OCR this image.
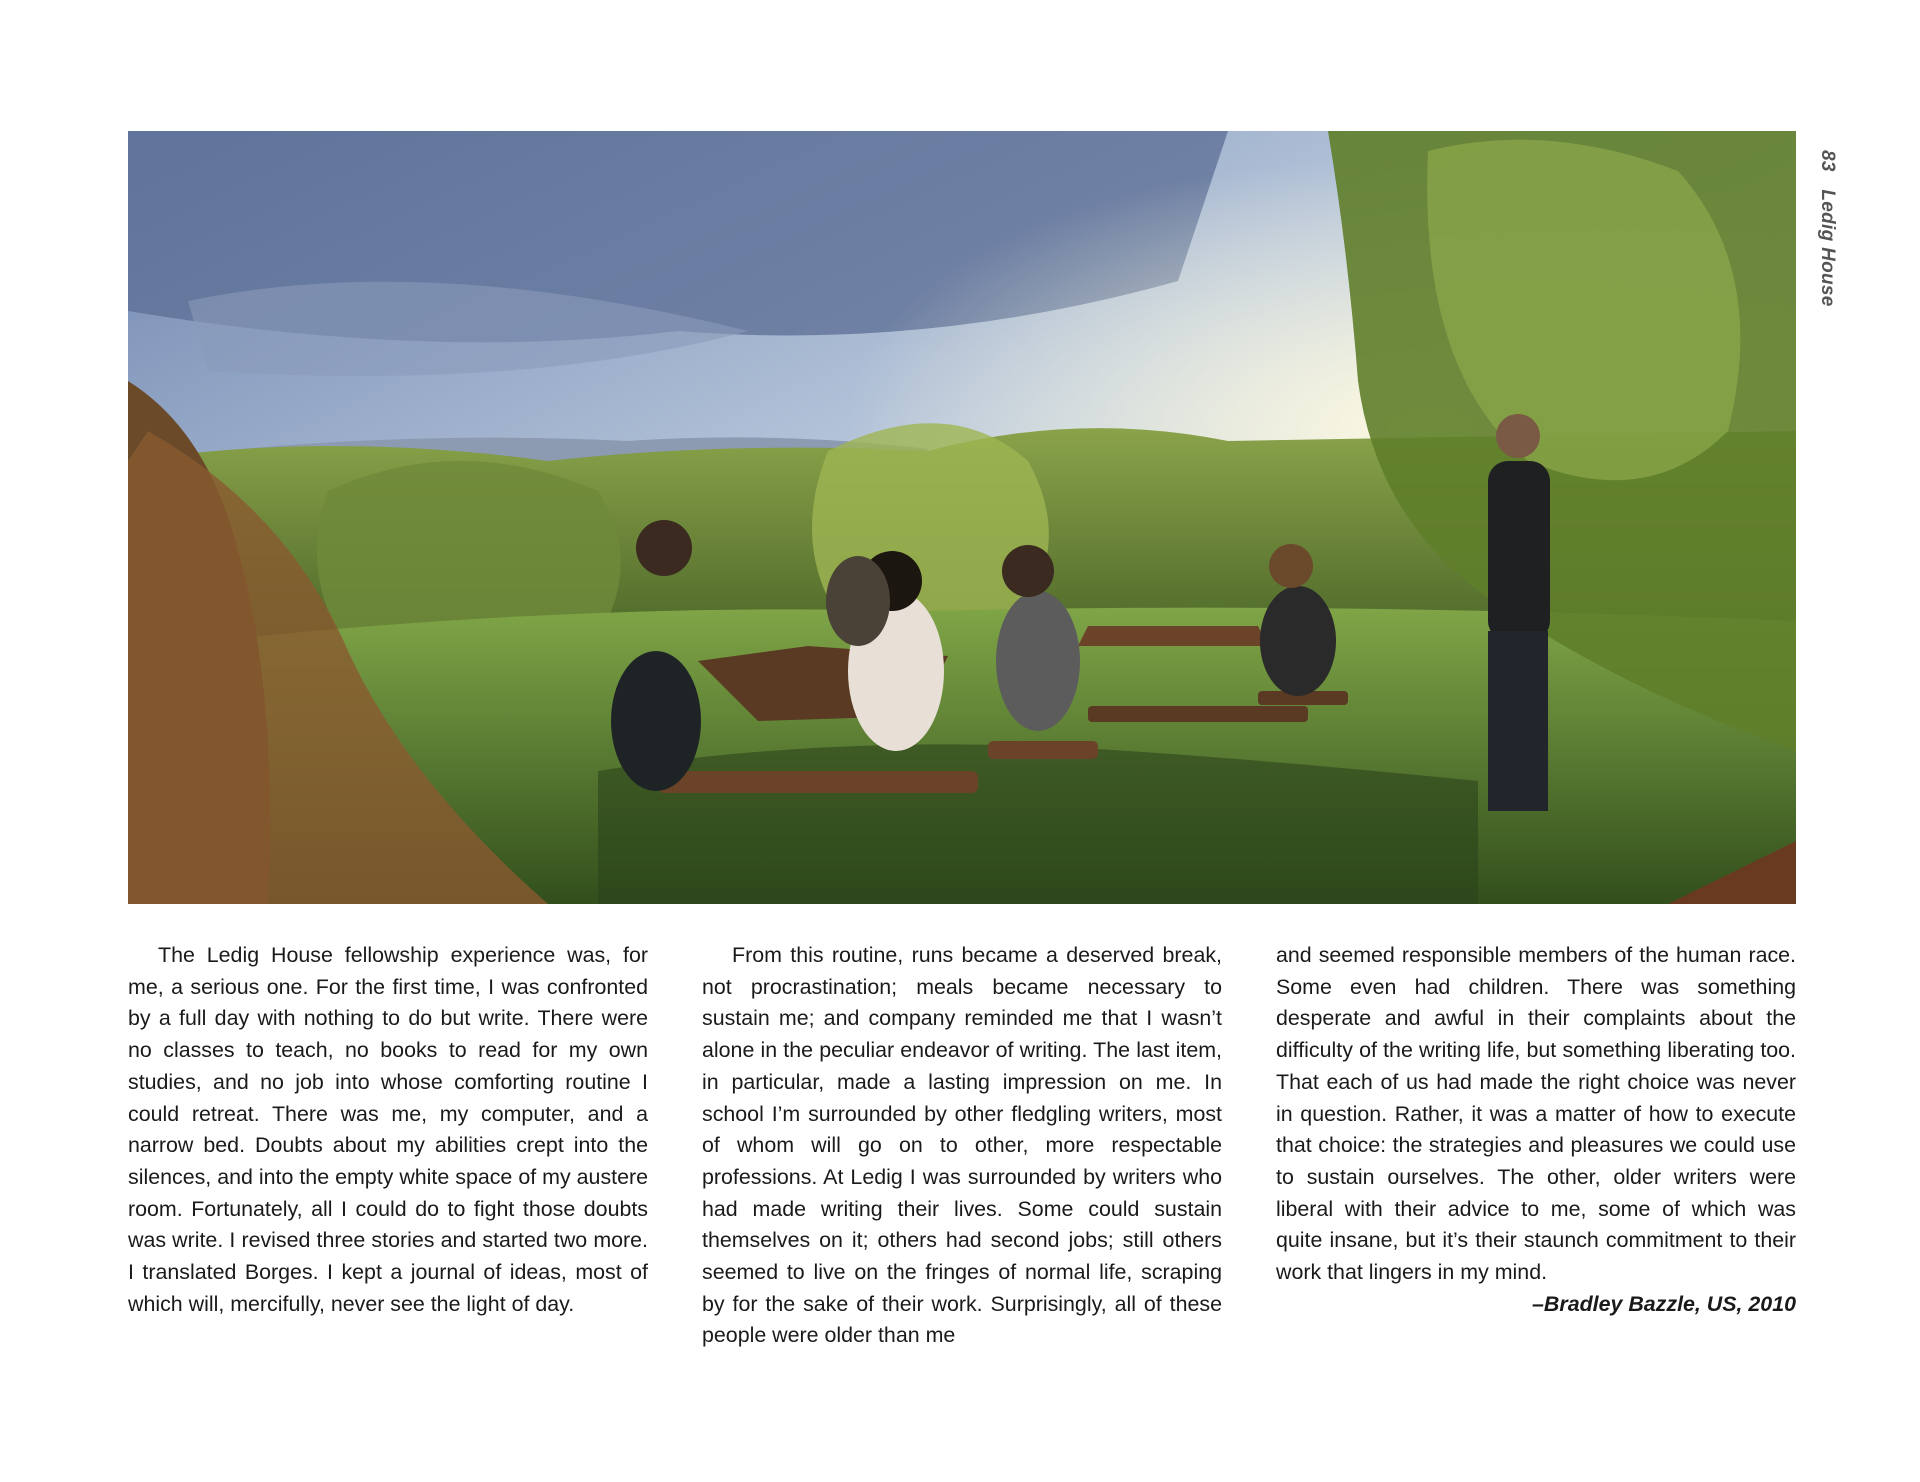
83 Ledig House

The Ledig House fellowship experience was, for me, a serious one. For the first time, I was confronted by a full day with nothing to do but write. There were no classes to teach, no books to read for my own studies, and no job into whose comforting routine I could retreat. There was me, my computer, and a narrow bed. Doubts about my abilities crept into the silences, and into the empty white space of my austere room. Fortunately, all I could do to fight those doubts was write. I revised three stories and started two more. I translated Borges. I kept a journal of ideas, most of which will, mercifully, never see the light of day.

From this routine, runs became a deserved break, not procrastination; meals became necessary to sustain me; and company reminded me that I wasn’t alone in the peculiar endeavor of writing. The last item, in particular, made a lasting impression on me. In school I’m surrounded by other fledgling writers, most of whom will go on to other, more respectable professions. At Ledig I was surrounded by writers who had made writing their lives. Some could sustain themselves on it; others had second jobs; still others seemed to live on the fringes of normal life, scraping by for the sake of their work. Surprisingly, all of these people were older than me

and seemed responsible members of the human race. Some even had children. There was something desperate and awful in their complaints about the difficulty of the writing life, but something liberating too. That each of us had made the right choice was never in question. Rather, it was a matter of how to execute that choice: the strategies and pleasures we could use to sustain ourselves. The other, older writers were liberal with their advice to me, some of which was quite insane, but it’s their staunch commitment to their work that lingers in my mind.

–Bradley Bazzle, US, 2010
